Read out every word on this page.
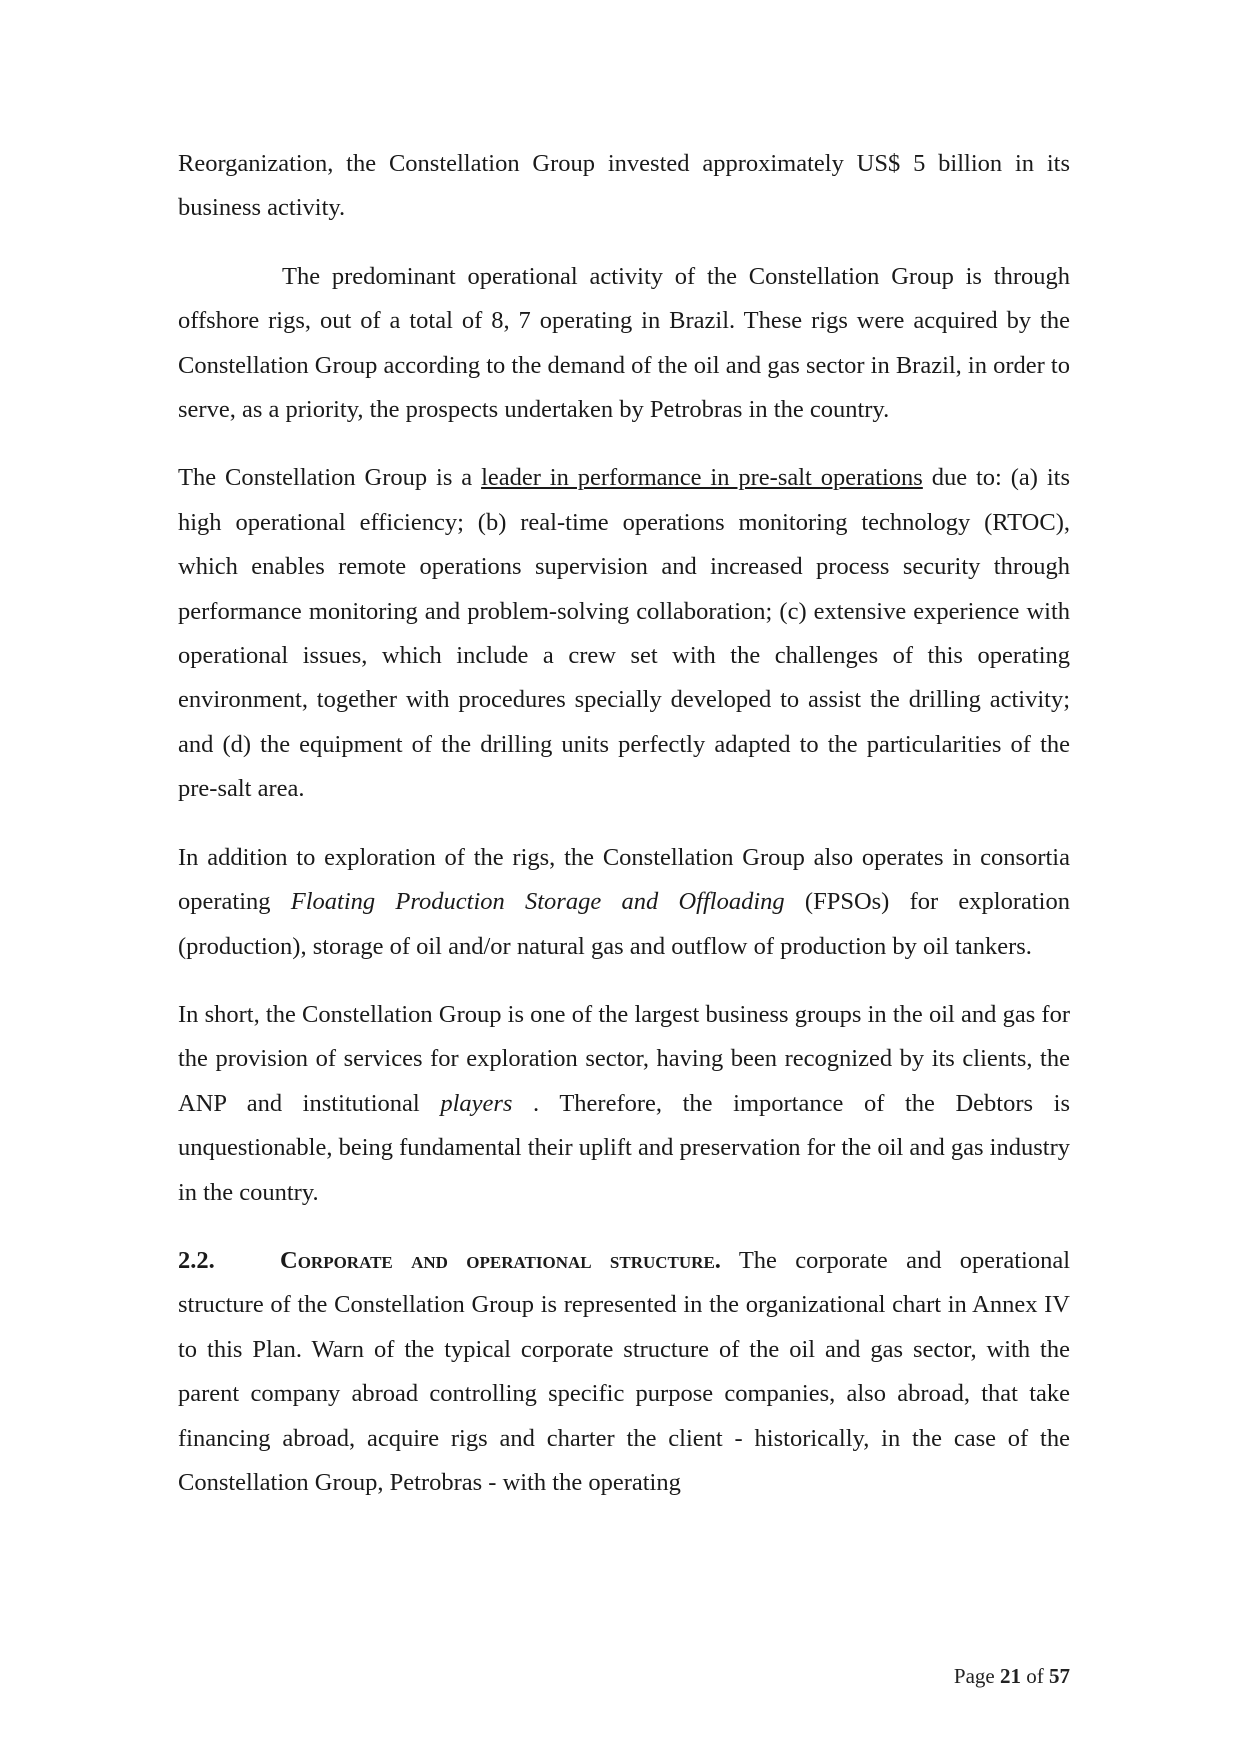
Reorganization, the Constellation Group invested approximately US$ 5 billion in its business activity.

The predominant operational activity of the Constellation Group is through offshore rigs, out of a total of 8, 7 operating in Brazil. These rigs were acquired by the Constellation Group according to the demand of the oil and gas sector in Brazil, in order to serve, as a priority, the prospects undertaken by Petrobras in the country.

The Constellation Group is a leader in performance in pre-salt operations due to: (a) its high operational efficiency; (b) real-time operations monitoring technology (RTOC), which enables remote operations supervision and increased process security through performance monitoring and problem-solving collaboration; (c) extensive experience with operational issues, which include a crew set with the challenges of this operating environment, together with procedures specially developed to assist the drilling activity; and (d) the equipment of the drilling units perfectly adapted to the particularities of the pre-salt area.

In addition to exploration of the rigs, the Constellation Group also operates in consortia operating Floating Production Storage and Offloading (FPSOs) for exploration (production), storage of oil and/or natural gas and outflow of production by oil tankers.

In short, the Constellation Group is one of the largest business groups in the oil and gas for the provision of services for exploration sector, having been recognized by its clients, the ANP and institutional players . Therefore, the importance of the Debtors is unquestionable, being fundamental their uplift and preservation for the oil and gas industry in the country.

2.2.	Corporate and operational structure. The corporate and operational structure of the Constellation Group is represented in the organizational chart in Annex IV to this Plan. Warn of the typical corporate structure of the oil and gas sector, with the parent company abroad controlling specific purpose companies, also abroad, that take financing abroad, acquire rigs and charter the client - historically, in the case of the Constellation Group, Petrobras - with the operating

Page 21 of 57
